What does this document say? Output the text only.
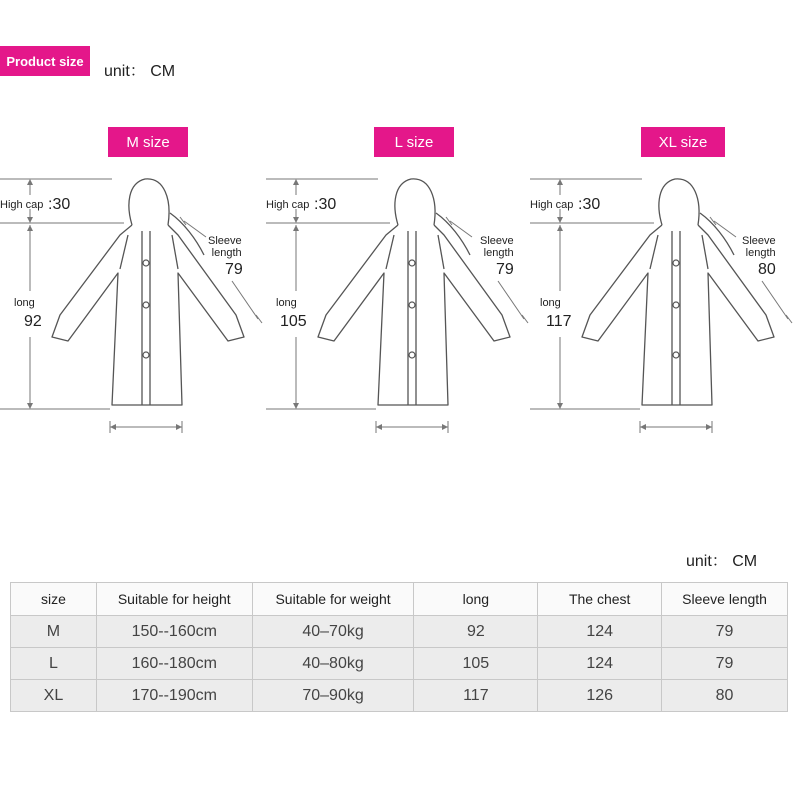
Product size
unit： CM
M size	L size	XL size
High cap :30
long
92
Sleeve
length
79
High cap :30
long
105
Sleeve
length
79
High cap :30
long
117
Sleeve
length
80
unit： CM
size	Suitable for height	Suitable for weight	long	The chest	Sleeve length
M	150--160cm	40–70kg	92	124	79
L	160--180cm	40–80kg	105	124	79
XL	170--190cm	70–90kg	117	126	80
